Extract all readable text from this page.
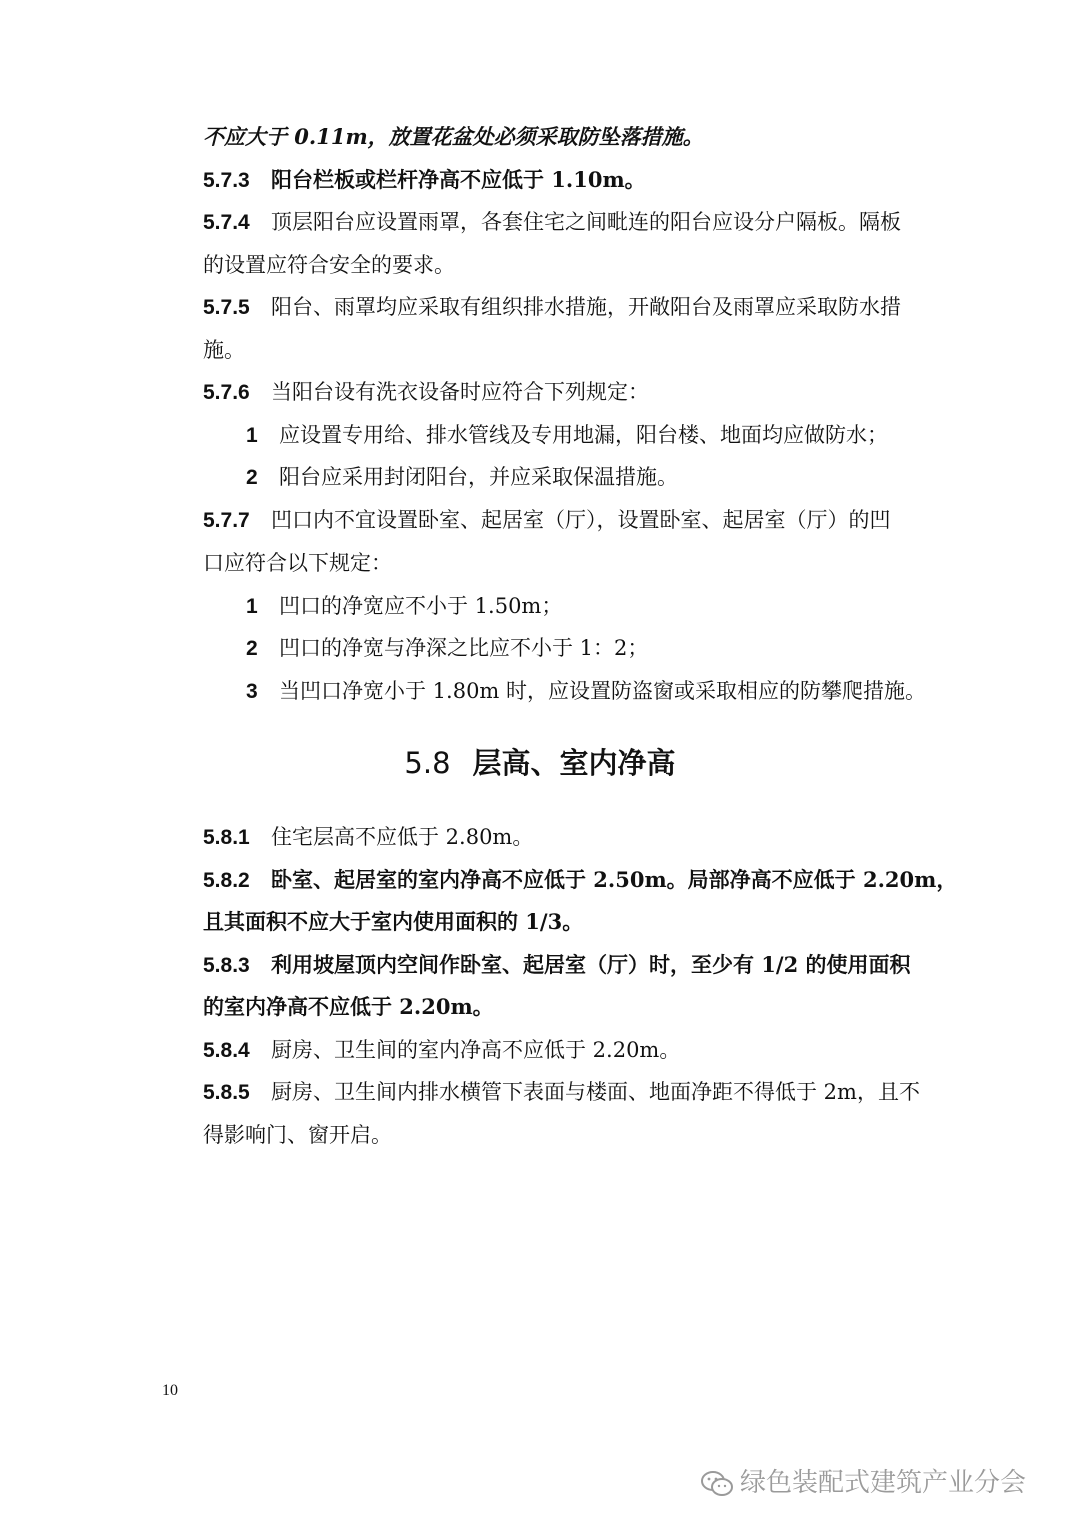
不应大于 0.11m，放置花盆处必须采取防坠落措施。
5.7.3 阳台栏板或栏杆净高不应低于 1.10m。
5.7.4 顶层阳台应设置雨罩，各套住宅之间毗连的阳台应设分户隔板。隔板
的设置应符合安全的要求。
5.7.5 阳台、雨罩均应采取有组织排水措施，开敞阳台及雨罩应采取防水措
施。
5.7.6 当阳台设有洗衣设备时应符合下列规定：
1 应设置专用给、排水管线及专用地漏，阳台楼、地面均应做防水；
2 阳台应采用封闭阳台，并应采取保温措施。
5.7.7 凹口内不宜设置卧室、起居室（厅），设置卧室、起居室（厅）的凹
口应符合以下规定：
1 凹口的净宽应不小于 1.50m；
2 凹口的净宽与净深之比应不小于 1：2；
3 当凹口净宽小于 1.80m 时，应设置防盗窗或采取相应的防攀爬措施。
5.8 层高、室内净高
5.8.1 住宅层高不应低于 2.80m。
5.8.2 卧室、起居室的室内净高不应低于 2.50m。局部净高不应低于 2.20m，
且其面积不应大于室内使用面积的 1/3。
5.8.3 利用坡屋顶内空间作卧室、起居室（厅）时，至少有 1/2 的使用面积
的室内净高不应低于 2.20m。
5.8.4 厨房、卫生间的室内净高不应低于 2.20m。
5.8.5 厨房、卫生间内排水横管下表面与楼面、地面净距不得低于 2m，且不
得影响门、窗开启。
10
绿色装配式建筑产业分会
